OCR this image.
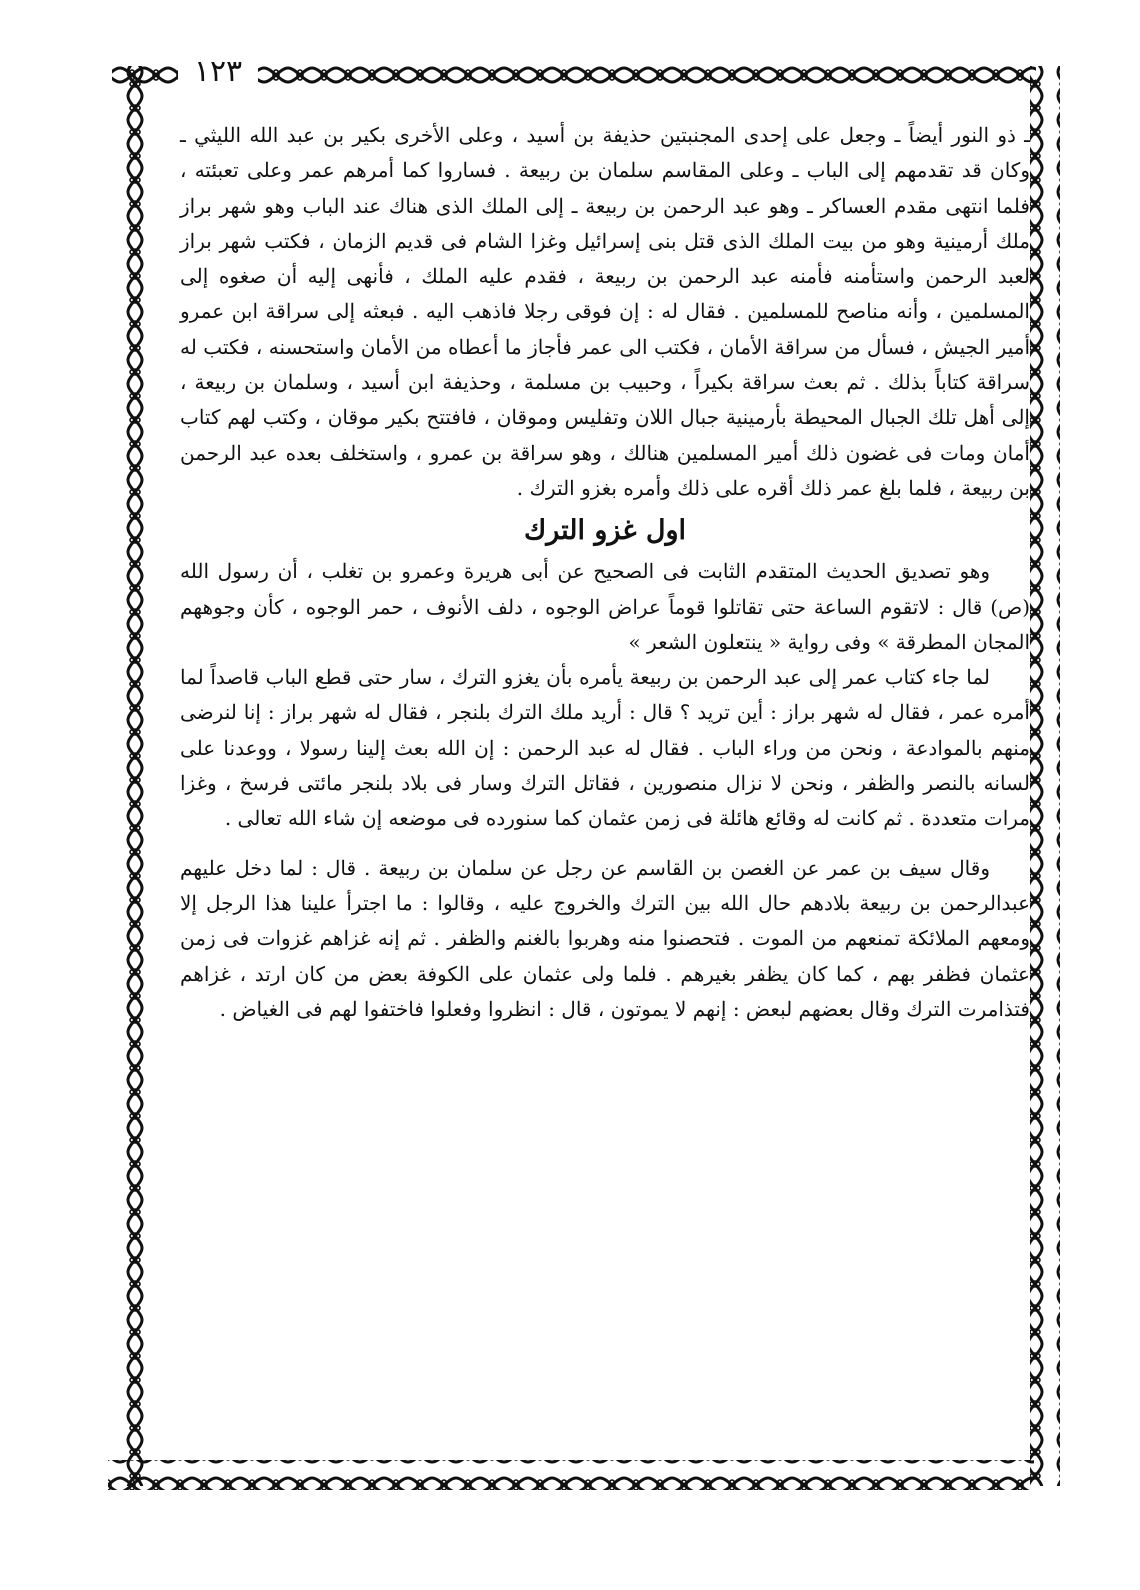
١٢٣

ـ ذو النور أيضاً ـ وجعل على إحدى المجنبتين حذيفة بن أسيد ، وعلى الأخرى بكير بن عبد الله الليثي ـ وكان قد تقدمهم إلى الباب ـ وعلى المقاسم سلمان بن ربيعة . فساروا كما أمرهم عمر وعلى تعبئته ، فلما انتهى مقدم العساكر ـ وهو عبد الرحمن بن ربيعة ـ إلى الملك الذى هناك عند الباب وهو شهر براز ملك أرمينية وهو من بيت الملك الذى قتل بنى إسرائيل وغزا الشام فى قديم الزمان ، فكتب شهر براز لعبد الرحمن واستأمنه فأمنه عبد الرحمن بن ربيعة ، فقدم عليه الملك ، فأنهى إليه أن صغوه إلى المسلمين ، وأنه مناصح للمسلمين . فقال له : إن فوقى رجلا فاذهب اليه . فبعثه إلى سراقة ابن عمرو أمير الجيش ، فسأل من سراقة الأمان ، فكتب الى عمر فأجاز ما أعطاه من الأمان واستحسنه ، فكتب له سراقة كتاباً بذلك . ثم بعث سراقة بكيراً ، وحبيب بن مسلمة ، وحذيفة ابن أسيد ، وسلمان بن ربيعة ، إلى أهل تلك الجبال المحيطة بأرمينية جبال اللان وتفليس وموقان ، فافتتح بكير موقان ، وكتب لهم كتاب أمان ومات فى غضون ذلك أمير المسلمين هنالك ، وهو سراقة بن عمرو ، واستخلف بعده عبد الرحمن بن ربيعة ، فلما بلغ عمر ذلك أقره على ذلك وأمره بغزو الترك .

اول غزو الترك

وهو تصديق الحديث المتقدم الثابت فى الصحيح عن أبى هريرة وعمرو بن تغلب ، أن رسول الله (ص) قال : لاتقوم الساعة حتى تقاتلوا قوماً عراض الوجوه ، دلف الأنوف ، حمر الوجوه ، كأن وجوههم المجان المطرقة » وفى رواية « ينتعلون الشعر »

لما جاء كتاب عمر إلى عبد الرحمن بن ربيعة يأمره بأن يغزو الترك ، سار حتى قطع الباب قاصداً لما أمره عمر ، فقال له شهر براز : أين تريد ؟ قال : أريد ملك الترك بلنجر ، فقال له شهر براز : إنا لنرضى منهم بالموادعة ، ونحن من وراء الباب . فقال له عبد الرحمن : إن الله بعث إلينا رسولا ، ووعدنا على لسانه بالنصر والظفر ، ونحن لا نزال منصورين ، فقاتل الترك وسار فى بلاد بلنجر مائتى فرسخ ، وغزا مرات متعددة . ثم كانت له وقائع هائلة فى زمن عثمان كما سنورده فى موضعه إن شاء الله تعالى .

وقال سيف بن عمر عن الغصن بن القاسم عن رجل عن سلمان بن ربيعة . قال : لما دخل عليهم عبدالرحمن بن ربيعة بلادهم حال الله بين الترك والخروج عليه ، وقالوا : ما اجترأ علينا هذا الرجل إلا ومعهم الملائكة تمنعهم من الموت . فتحصنوا منه وهربوا بالغنم والظفر . ثم إنه غزاهم غزوات فى زمن عثمان فظفر بهم ، كما كان يظفر بغيرهم . فلما ولى عثمان على الكوفة بعض من كان ارتد ، غزاهم فتذامرت الترك وقال بعضهم لبعض : إنهم لا يموتون ، قال : انظروا وفعلوا فاختفوا لهم فى الغياض .
